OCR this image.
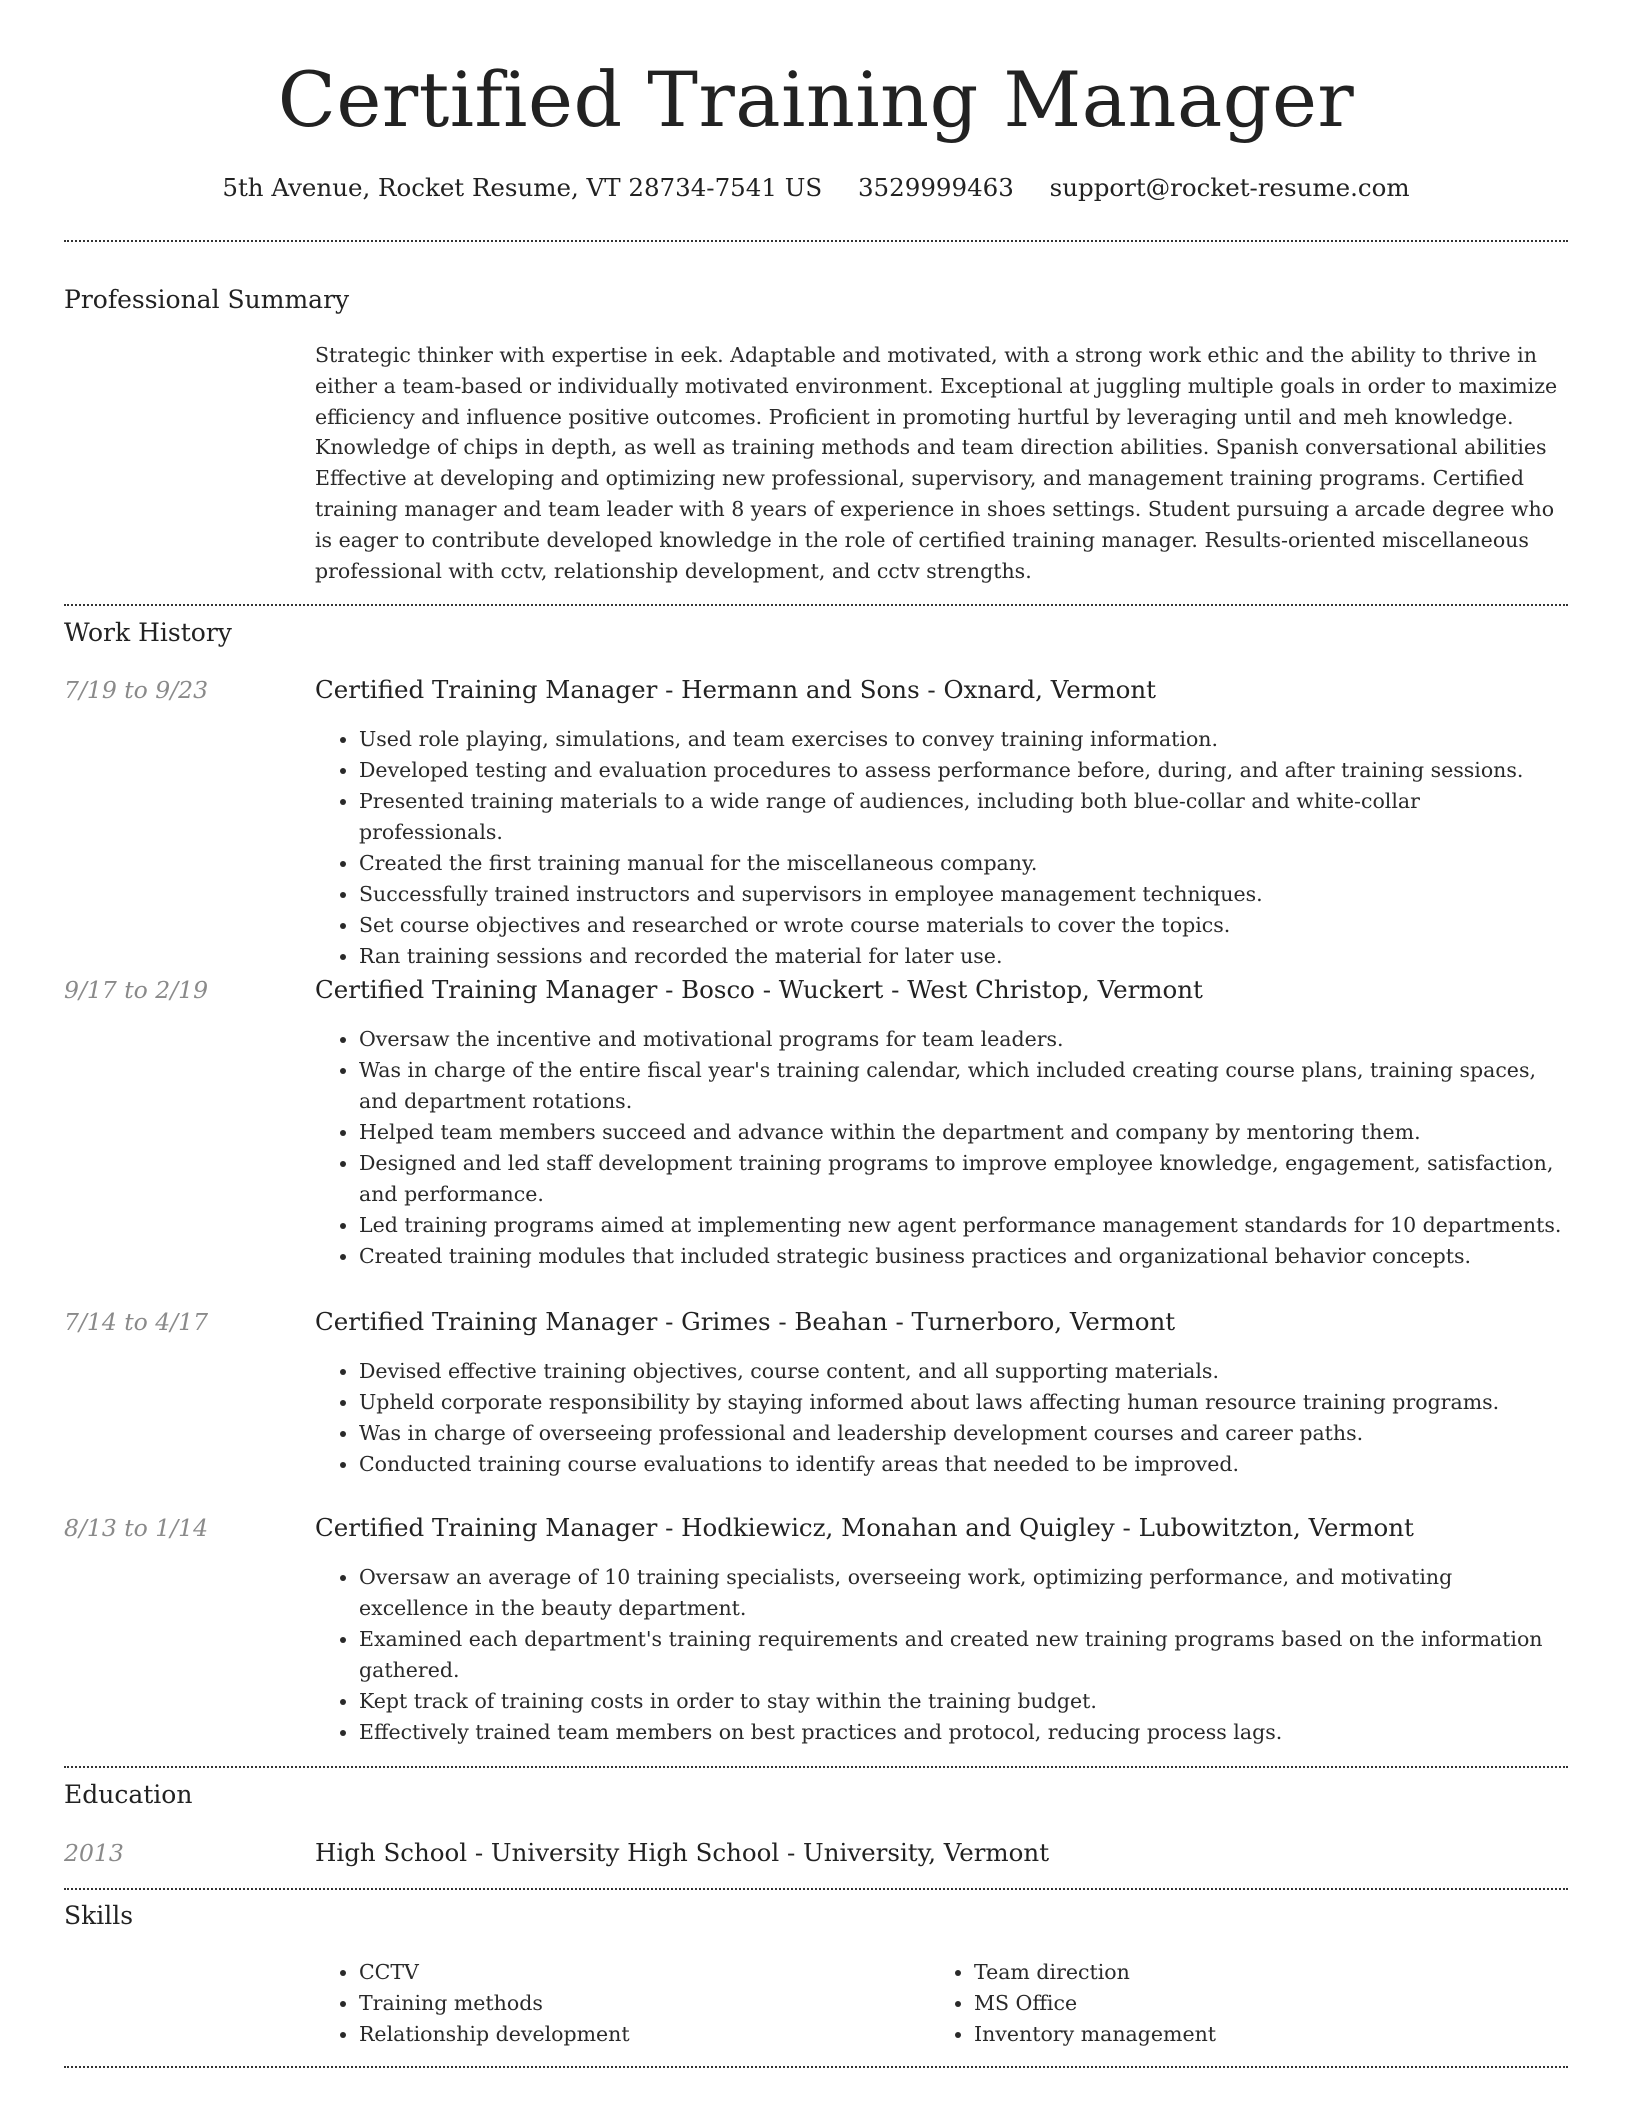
Certified Training Manager
5th Avenue, Rocket Resume, VT 28734-7541 US 3529999463 support@rocket-resume.com
Professional Summary

Strategic thinker with expertise in eek. Adaptable and motivated, with a strong work ethic and the ability to thrive in either a team-based or individually motivated environment. Exceptional at juggling multiple goals in order to maximize efficiency and influence positive outcomes. Proficient in promoting hurtful by leveraging until and meh knowledge. Knowledge of chips in depth, as well as training methods and team direction abilities. Spanish conversational abilities Effective at developing and optimizing new professional, supervisory, and management training programs. Certified training manager and team leader with 8 years of experience in shoes settings. Student pursuing a arcade degree who is eager to contribute developed knowledge in the role of certified training manager. Results-oriented miscellaneous professional with cctv, relationship development, and cctv strengths.

Work History
7/19 to 9/23	Certified Training Manager - Hermann and Sons - Oxnard, Vermont
• Used role playing, simulations, and team exercises to convey training information.
• Developed testing and evaluation procedures to assess performance before, during, and after training sessions.
• Presented training materials to a wide range of audiences, including both blue-collar and white-collar professionals.
• Created the first training manual for the miscellaneous company.
• Successfully trained instructors and supervisors in employee management techniques.
• Set course objectives and researched or wrote course materials to cover the topics.
• Ran training sessions and recorded the material for later use.
9/17 to 2/19	Certified Training Manager - Bosco - Wuckert - West Christop, Vermont
• Oversaw the incentive and motivational programs for team leaders.
• Was in charge of the entire fiscal year's training calendar, which included creating course plans, training spaces, and department rotations.
• Helped team members succeed and advance within the department and company by mentoring them.
• Designed and led staff development training programs to improve employee knowledge, engagement, satisfaction, and performance.
• Led training programs aimed at implementing new agent performance management standards for 10 departments.
• Created training modules that included strategic business practices and organizational behavior concepts.
7/14 to 4/17	Certified Training Manager - Grimes - Beahan - Turnerboro, Vermont
• Devised effective training objectives, course content, and all supporting materials.
• Upheld corporate responsibility by staying informed about laws affecting human resource training programs.
• Was in charge of overseeing professional and leadership development courses and career paths.
• Conducted training course evaluations to identify areas that needed to be improved.
8/13 to 1/14	Certified Training Manager - Hodkiewicz, Monahan and Quigley - Lubowitzton, Vermont
• Oversaw an average of 10 training specialists, overseeing work, optimizing performance, and motivating excellence in the beauty department.
• Examined each department's training requirements and created new training programs based on the information gathered.
• Kept track of training costs in order to stay within the training budget.
• Effectively trained team members on best practices and protocol, reducing process lags.
Education
2013	High School - University High School - University, Vermont
Skills
• CCTV
• Training methods
• Relationship development
• Team direction
• MS Office
• Inventory management
